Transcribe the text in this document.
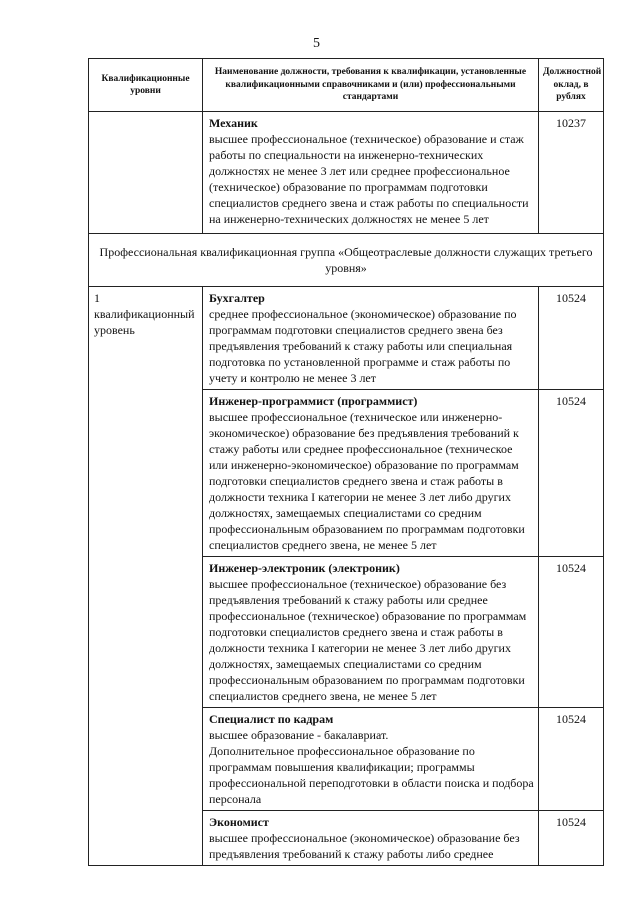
5
Квалификационные уровни	Наименование должности, требования к квалификации, установленные квалификационными справочниками и (или) профессиональными стандартами	Должностной оклад, в рублях

	Механик
высшее профессиональное (техническое) образование и стаж работы по специальности на инженерно-технических должностях не менее 3 лет или среднее профессиональное (техническое) образование по программам подготовки специалистов среднего звена и стаж работы по специальности на инженерно-технических должностях не менее 5 лет	10237
Профессиональная квалификационная группа «Общеотраслевые должности служащих третьего уровня»		
1 квалификационный уровень	Бухгалтер
среднее профессиональное (экономическое) образование по программам подготовки специалистов среднего звена без предъявления требований к стажу работы или специальная подготовка по установленной программе и стаж работы по учету и контролю не менее 3 лет	10524

	Инженер-программист (программист)
высшее профессиональное (техническое или инженерно-экономическое) образование без предъявления требований к стажу работы или среднее профессиональное (техническое или инженерно-экономическое) образование по программам подготовки специалистов среднего звена и стаж работы в должности техника I категории не менее 3 лет либо других должностях, замещаемых специалистами со средним профессиональным образованием по программам подготовки специалистов среднего звена, не менее 5 лет	10524

	Инженер-электроник (электроник)
высшее профессиональное (техническое) образование без предъявления требований к стажу работы или среднее профессиональное (техническое) образование по программам подготовки специалистов среднего звена и стаж работы в должности техника I категории не менее 3 лет либо других должностях, замещаемых специалистами со средним профессиональным образованием по программам подготовки специалистов среднего звена, не менее 5 лет	10524

	Специалист по кадрам
высшее образование - бакалавриат.
Дополнительное профессиональное образование по программам повышения квалификации; программы профессиональной переподготовки в области поиска и подбора персонала	10524

	Экономист
высшее профессиональное (экономическое) образование без предъявления требований к стажу работы либо среднее	10524
